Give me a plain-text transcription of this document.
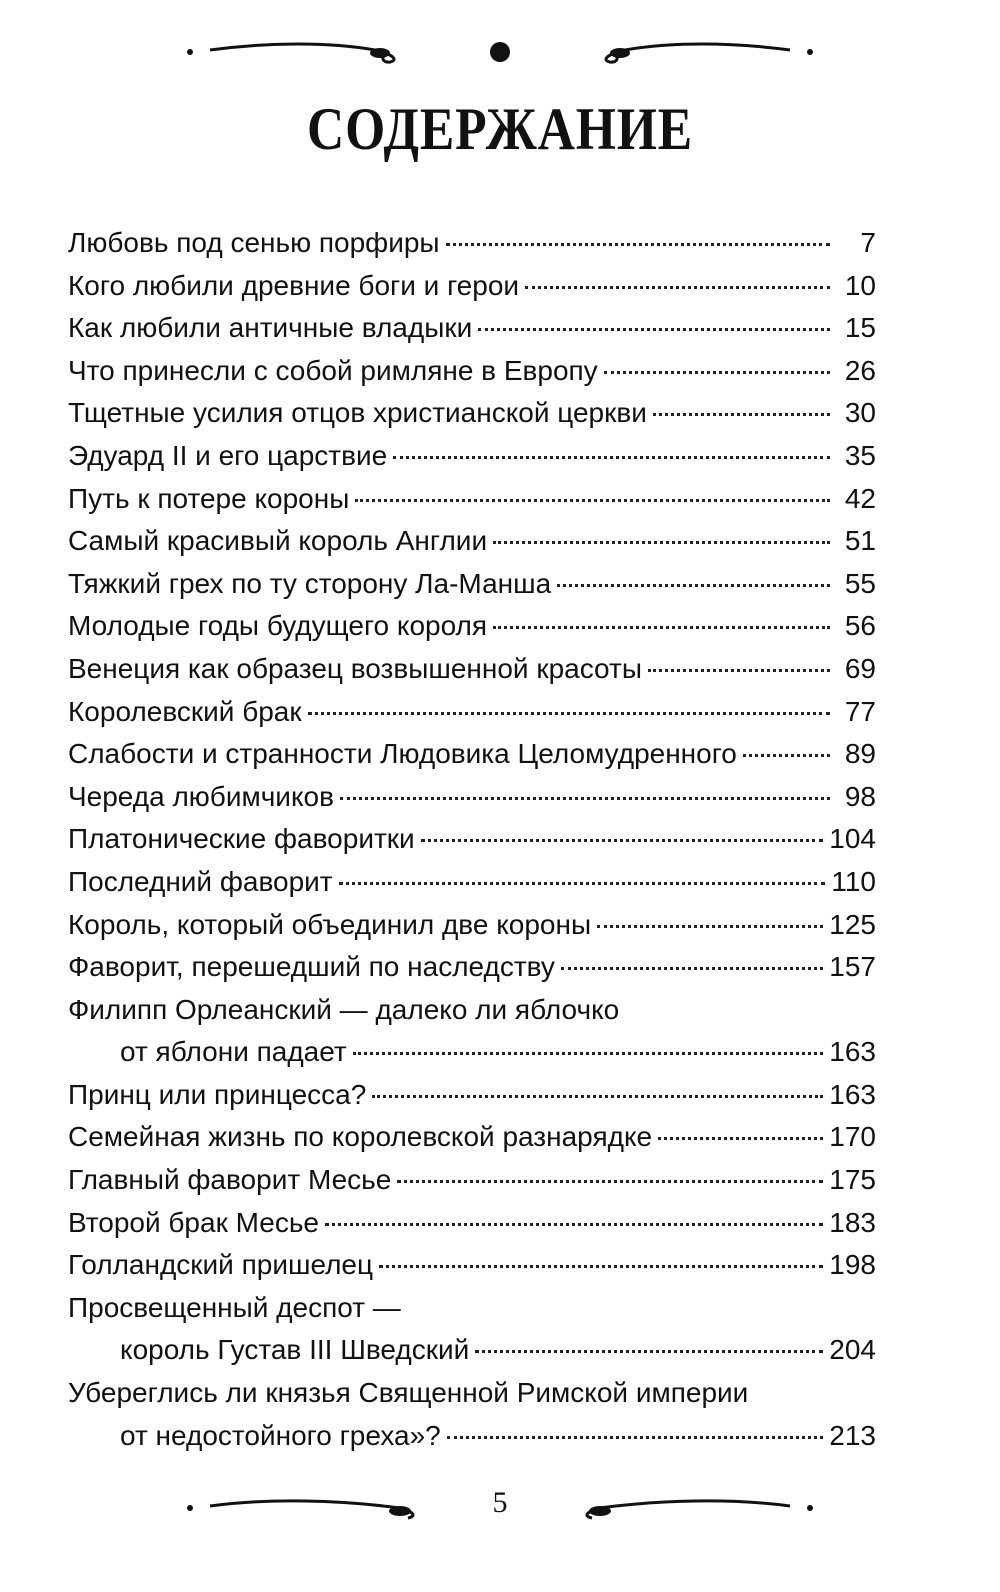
СОДЕРЖАНИЕ
Любовь под сенью порфиры	7
Кого любили древние боги и герои	10
Как любили античные владыки	15
Что принесли с собой римляне в Европу	26
Тщетные усилия отцов христианской церкви	30
Эдуард II и его царствие	35
Путь к потере короны	42
Самый красивый король Англии	51
Тяжкий грех по ту сторону Ла-Манша	55
Молодые годы будущего короля	56
Венеция как образец возвышенной красоты	69
Королевский брак	77
Слабости и странности Людовика Целомудренного	89
Череда любимчиков	98
Платонические фаворитки	104
Последний фаворит	110
Король, который объединил две короны	125
Фаворит, перешедший по наследству	157
Филипп Орлеанский — далеко ли яблочко
от яблони падает	163
Принц или принцесса?	163
Семейная жизнь по королевской разнарядке	170
Главный фаворит Месье	175
Второй брак Месье	183
Голландский пришелец	198
Просвещенный деспот —
король Густав III Шведский	204
Убереглись ли князья Священной Римской империи
от недостойного греха»?	213
5
